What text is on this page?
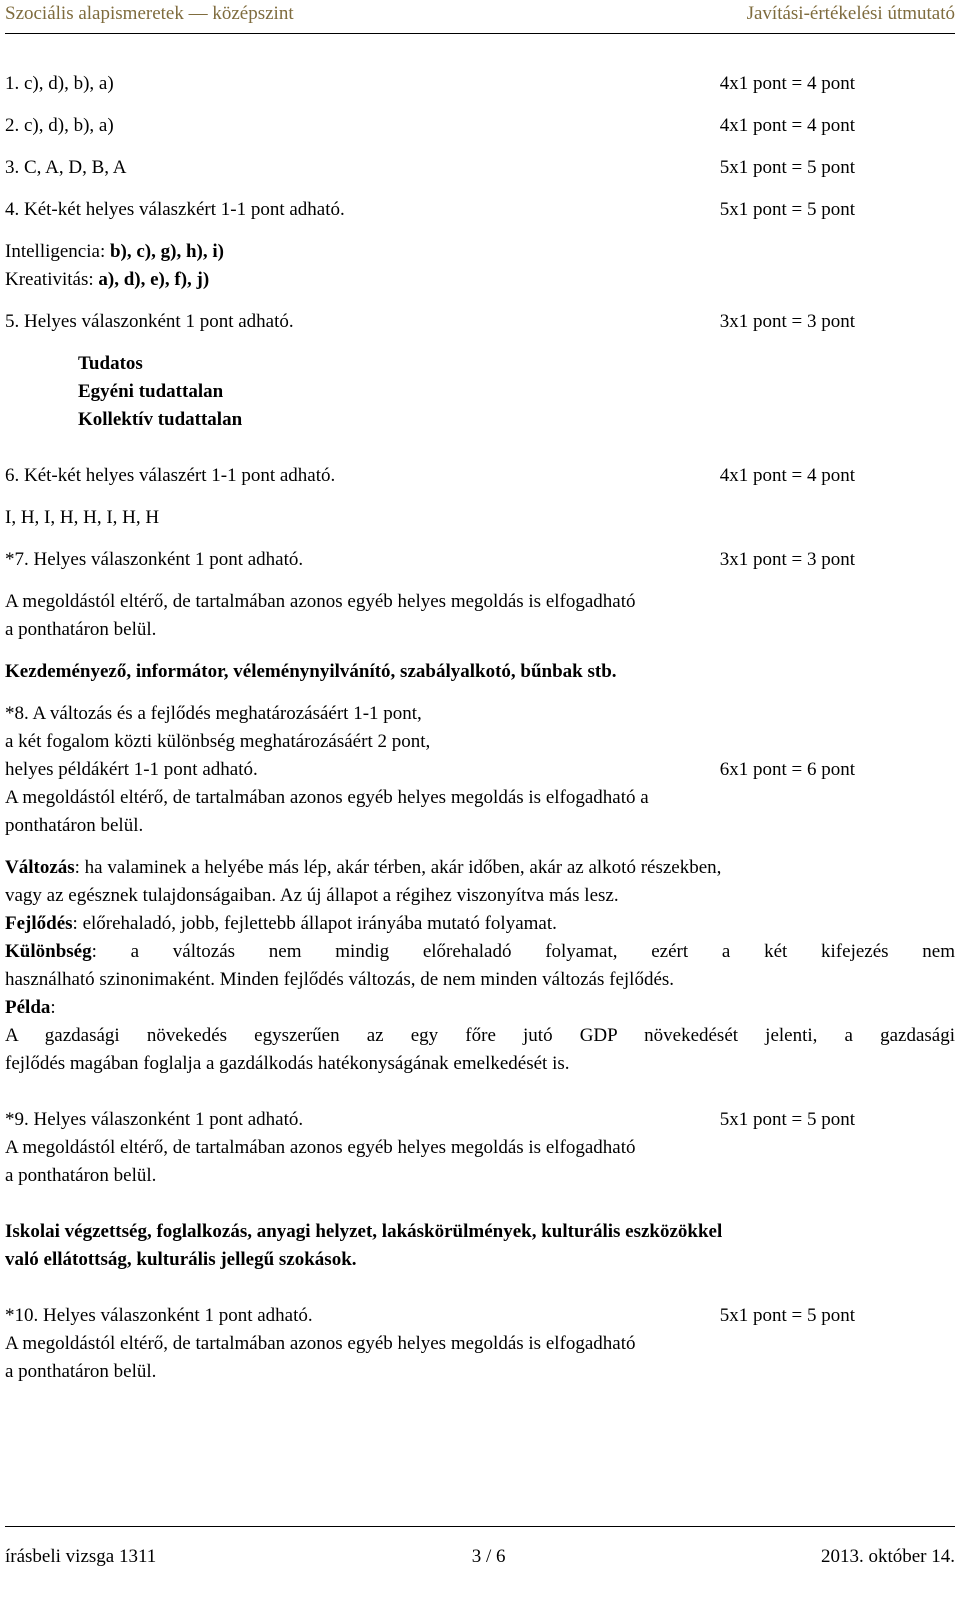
Szociális alapismeretek — középszint	Javítási-értékelési útmutató
1. c), d), b), a)	4x1 pont = 4 pont
2. c), d), b), a)	4x1 pont = 4 pont
3. C, A, D, B, A	5x1 pont = 5 pont
4. Két-két helyes válaszkért 1-1 pont adható.	5x1 pont = 5 pont
Intelligencia: b), c), g), h), i)
Kreativitás: a), d), e), f), j)
5. Helyes válaszonként 1 pont adható.	3x1 pont = 3 pont
Tudatos
Egyéni tudattalan
Kollektív tudattalan
6. Két-két helyes válaszért 1-1 pont adható.	4x1 pont = 4 pont
I, H, I, H, H, I, H, H
*7. Helyes válaszonként 1 pont adható.	3x1 pont = 3 pont
A megoldástól eltérő, de tartalmában azonos egyéb helyes megoldás is elfogadható
a ponthatáron belül.
Kezdeményező, informátor, véleménynyilvánító, szabályalkotó, bűnbak stb.
*8. A változás és a fejlődés meghatározásáért 1-1 pont,
a két fogalom közti különbség meghatározásáért 2 pont,
helyes példákért 1-1 pont adható.	6x1 pont = 6 pont
A megoldástól eltérő, de tartalmában azonos egyéb helyes megoldás is elfogadható a
ponthatáron belül.
Változás: ha valaminek a helyébe más lép, akár térben, akár időben, akár az alkotó részekben,
vagy az egésznek tulajdonságaiban. Az új állapot a régihez viszonyítva más lesz.
Fejlődés: előrehaladó, jobb, fejlettebb állapot irányába mutató folyamat.
Különbség: a változás nem mindig előrehaladó folyamat, ezért a két kifejezés nem
használható szinonimaként. Minden fejlődés változás, de nem minden változás fejlődés.
Példa:
A gazdasági növekedés egyszerűen az egy főre jutó GDP növekedését jelenti, a gazdasági
fejlődés magában foglalja a gazdálkodás hatékonyságának emelkedését is.
*9. Helyes válaszonként 1 pont adható.	5x1 pont = 5 pont
A megoldástól eltérő, de tartalmában azonos egyéb helyes megoldás is elfogadható
a ponthatáron belül.
Iskolai végzettség, foglalkozás, anyagi helyzet, lakáskörülmények, kulturális eszközökkel
való ellátottság, kulturális jellegű szokások.
*10. Helyes válaszonként 1 pont adható.	5x1 pont = 5 pont
A megoldástól eltérő, de tartalmában azonos egyéb helyes megoldás is elfogadható
a ponthatáron belül.
írásbeli vizsga 1311	3 / 6	2013. október 14.
